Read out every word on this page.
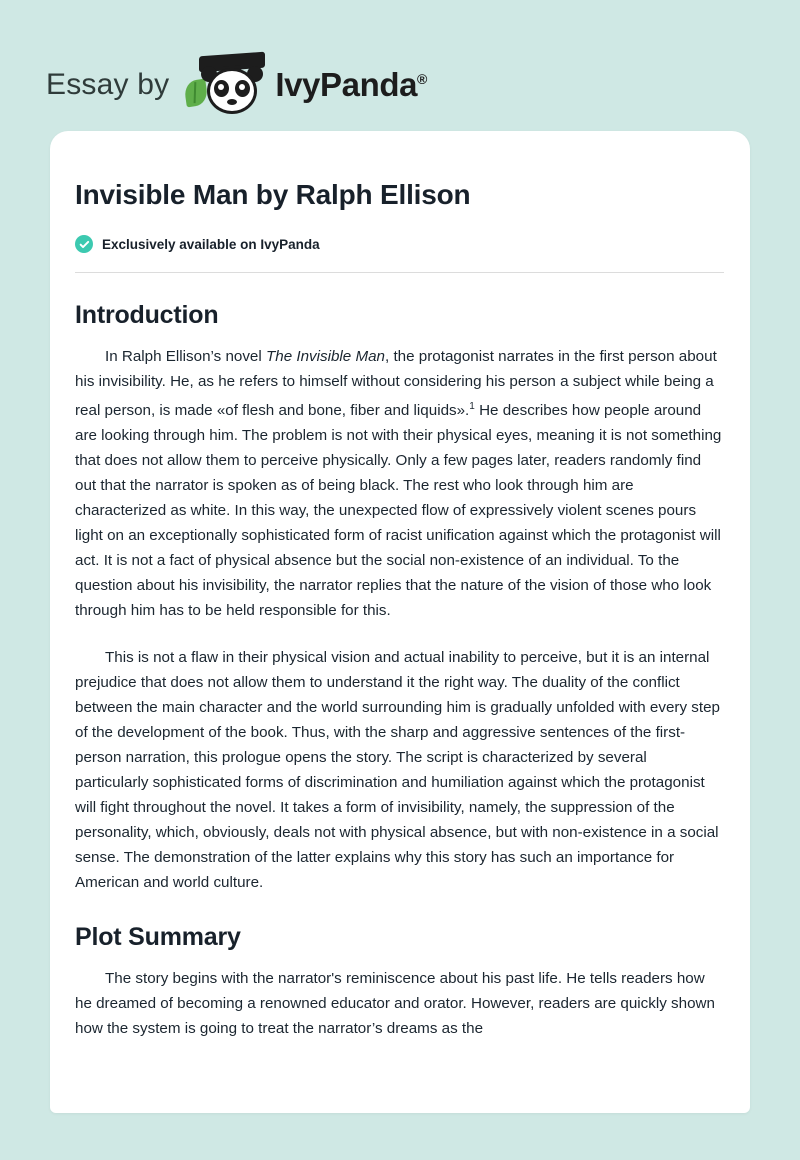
Essay by	IvyPanda®
Invisible Man by Ralph Ellison
Exclusively available on IvyPanda
Introduction

In Ralph Ellison’s novel The Invisible Man, the protagonist narrates in the first person about his invisibility. He, as he refers to himself without considering his person a subject while being a real person, is made «of flesh and bone, fiber and liquids».$^1$ He describes how people around are looking through him. The problem is not with their physical eyes, meaning it is not something that does not allow them to perceive physically. Only a few pages later, readers randomly find out that the narrator is spoken as of being black. The rest who look through him are characterized as white. In this way, the unexpected flow of expressively violent scenes pours light on an exceptionally sophisticated form of racist unification against which the protagonist will act. It is not a fact of physical absence but the social non-existence of an individual. To the question about his invisibility, the narrator replies that the nature of the vision of those who look through him has to be held responsible for this.

This is not a flaw in their physical vision and actual inability to perceive, but it is an internal prejudice that does not allow them to understand it the right way. The duality of the conflict between the main character and the world surrounding him is gradually unfolded with every step of the development of the book. Thus, with the sharp and aggressive sentences of the first-person narration, this prologue opens the story. The script is characterized by several particularly sophisticated forms of discrimination and humiliation against which the protagonist will fight throughout the novel. It takes a form of invisibility, namely, the suppression of the personality, which, obviously, deals not with physical absence, but with non-existence in a social sense. The demonstration of the latter explains why this story has such an importance for American and world culture.

Plot Summary

The story begins with the narrator's reminiscence about his past life. He tells readers how he dreamed of becoming a renowned educator and orator. However, readers are quickly shown how the system is going to treat the narrator’s dreams as the
